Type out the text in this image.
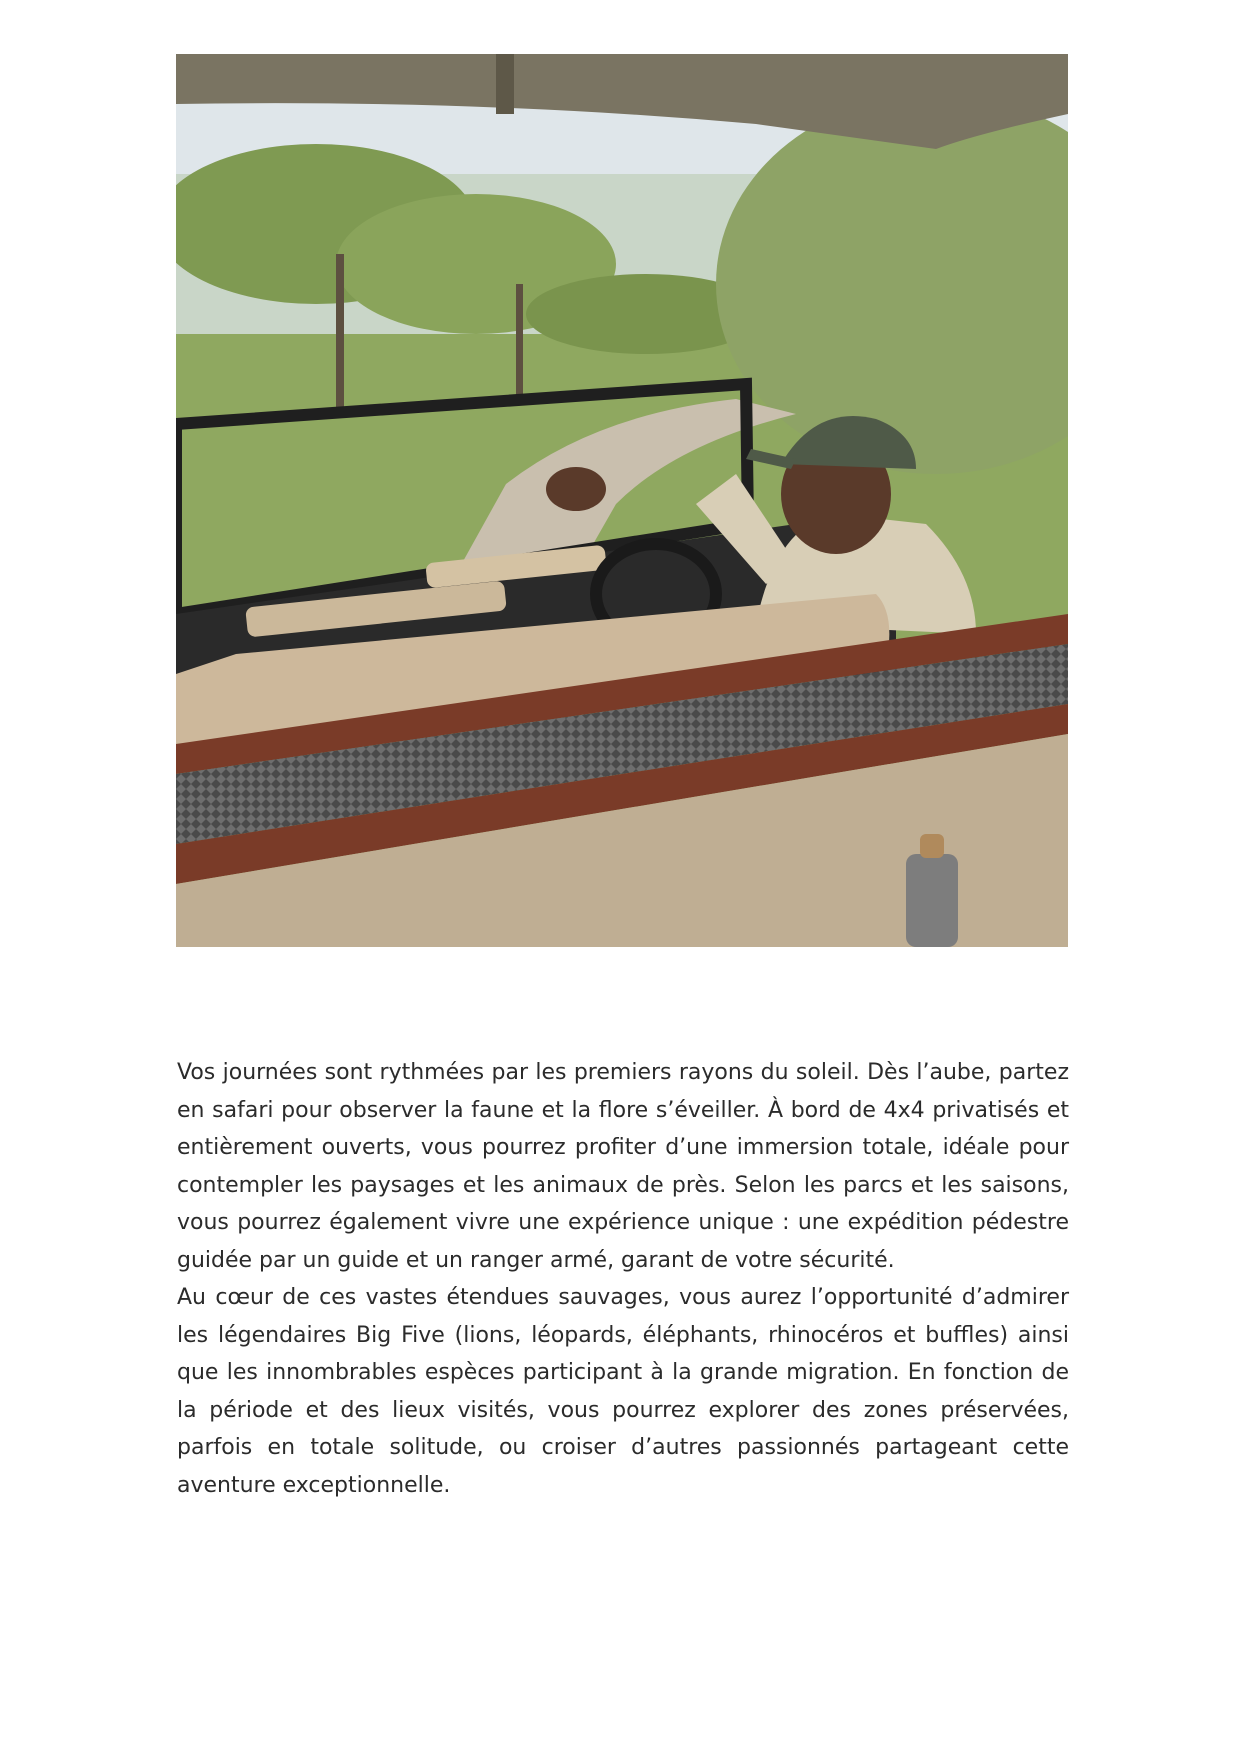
Vos journées sont rythmées par les premiers rayons du soleil. Dès l’aube, partez en safari pour observer la faune et la flore s’éveiller. À bord de 4x4 privatisés et entièrement ouverts, vous pourrez profiter d’une immersion totale, idéale pour contempler les paysages et les animaux de près. Selon les parcs et les saisons, vous pourrez également vivre une expérience unique : une expédition pédestre guidée par un guide et un ranger armé, garant de votre sécurité.

Au cœur de ces vastes étendues sauvages, vous aurez l’opportunité d’admirer les légendaires Big Five (lions, léopards, éléphants, rhinocéros et buffles) ainsi que les innombrables espèces participant à la grande migration. En fonction de la période et des lieux visités, vous pourrez explorer des zones préservées, parfois en totale solitude, ou croiser d’autres passionnés partageant cette aventure exceptionnelle.
